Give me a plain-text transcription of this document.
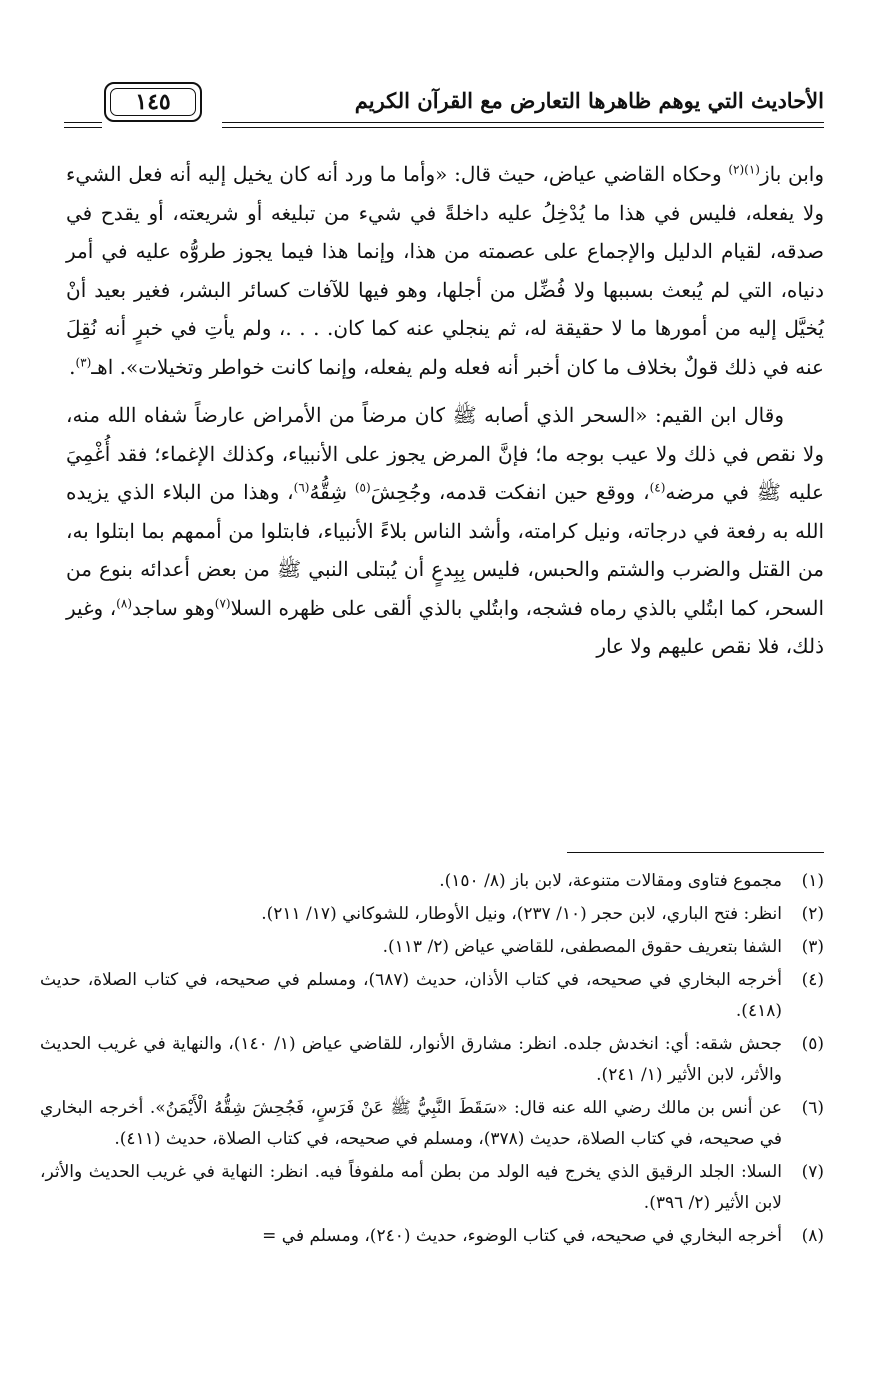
الأحاديث التي يوهم ظاهرها التعارض مع القرآن الكريم
١٤٥

وابن باز$^{(١)(٢)}$ وحكاه القاضي عياض، حيث قال: «وأما ما ورد أنه كان يخيل إليه أنه فعل الشيء ولا يفعله، فليس في هذا ما يُدْخِلُ عليه داخلةً في شيء من تبليغه أو شريعته، أو يقدح في صدقه، لقيام الدليل والإجماع على عصمته من هذا، وإنما هذا فيما يجوز طروُّه عليه في أمر دنياه، التي لم يُبعث بسببها ولا فُضِّل من أجلها، وهو فيها للآفات كسائر البشر، فغير بعيد أنْ يُخيَّل إليه من أمورها ما لا حقيقة له، ثم ينجلي عنه كما كان. . . .، ولم يأتِ في خبرٍ أنه نُقِلَ عنه في ذلك قولٌ بخلاف ما كان أخبر أنه فعله ولم يفعله، وإنما كانت خواطر وتخيلات». اهـ$^{(٣)}$.

وقال ابن القيم: «السحر الذي أصابه ﷺ كان مرضاً من الأمراض عارضاً شفاه الله منه، ولا نقص في ذلك ولا عيب بوجه ما؛ فإنَّ المرض يجوز على الأنبياء، وكذلك الإغماء؛ فقد أُغْمِيَ عليه ﷺ في مرضه$^{(٤)}$، ووقع حين انفكت قدمه، وجُحِشَ$^{(٥)}$ شِقُّهُ$^{(٦)}$، وهذا من البلاء الذي يزيده الله به رفعة في درجاته، ونيل كرامته، وأشد الناس بلاءً الأنبياء، فابتلوا من أممهم بما ابتلوا به، من القتل والضرب والشتم والحبس، فليس بِبِدعٍ أن يُبتلى النبي ﷺ من بعض أعدائه بنوع من السحر، كما ابتُلي بالذي رماه فشجه، وابتُلي بالذي ألقى على ظهره السلا$^{(٧)}$وهو ساجد$^{(٨)}$، وغير ذلك، فلا نقص عليهم ولا عار

(١)
مجموع فتاوى ومقالات متنوعة، لابن باز (٨/ ١٥٠).
(٢)
انظر: فتح الباري، لابن حجر (١٠/ ٢٣٧)، ونيل الأوطار، للشوكاني (١٧/ ٢١١).
(٣)
الشفا بتعريف حقوق المصطفى، للقاضي عياض (٢/ ١١٣).
(٤)
أخرجه البخاري في صحيحه، في كتاب الأذان، حديث (٦٨٧)، ومسلم في صحيحه، في كتاب الصلاة، حديث (٤١٨).
(٥)
جحش شقه: أي: انخدش جلده. انظر: مشارق الأنوار، للقاضي عياض (١/ ١٤٠)، والنهاية في غريب الحديث والأثر، لابن الأثير (١/ ٢٤١).
(٦)
عن أنس بن مالك رضي الله عنه قال: «سَقَطَ النَّبِيُّ ﷺ عَنْ فَرَسٍ، فَجُحِشَ شِقُّهُ الْأَيْمَنُ». أخرجه البخاري في صحيحه، في كتاب الصلاة، حديث (٣٧٨)، ومسلم في صحيحه، في كتاب الصلاة، حديث (٤١١).
(٧)
السلا: الجلد الرقيق الذي يخرج فيه الولد من بطن أمه ملفوفاً فيه. انظر: النهاية في غريب الحديث والأثر، لابن الأثير (٢/ ٣٩٦).
(٨)
أخرجه البخاري في صحيحه، في كتاب الوضوء، حديث (٢٤٠)، ومسلم في =
